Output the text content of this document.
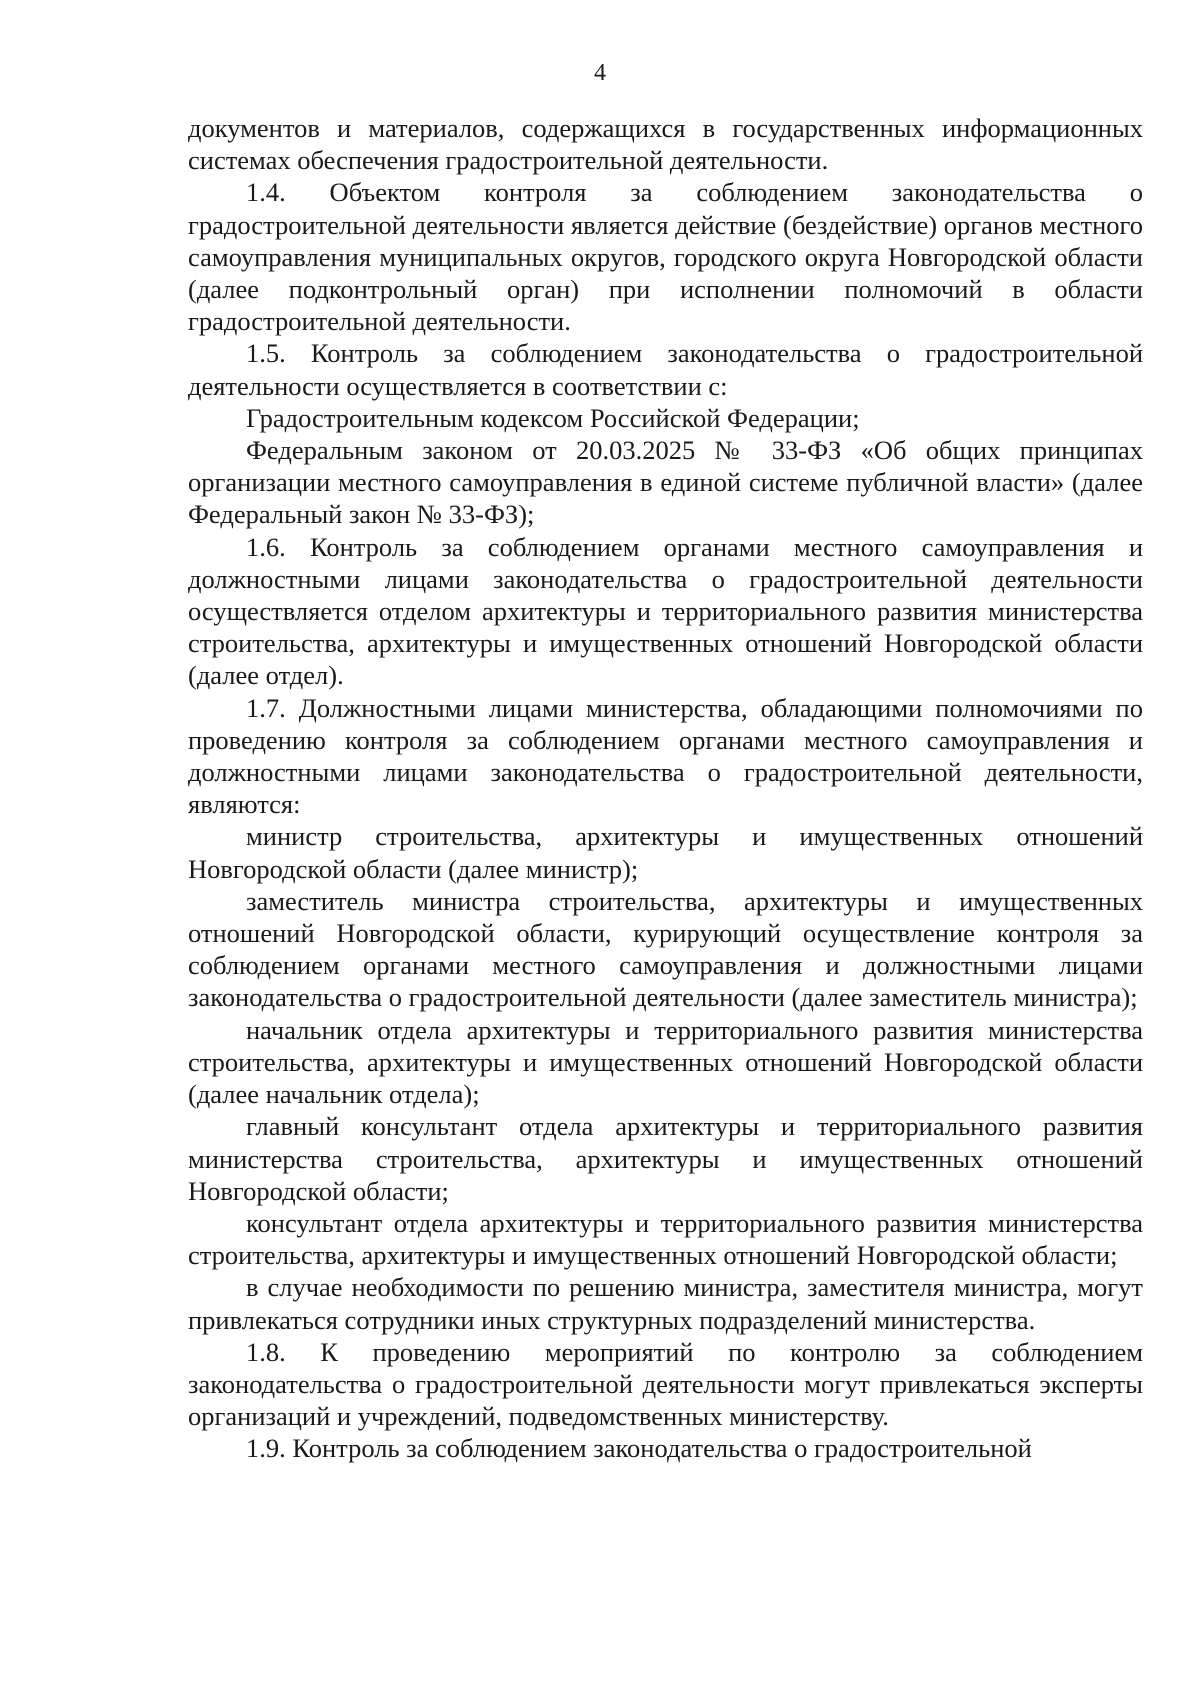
4

документов и материалов, содержащихся в государственных информационных системах обеспечения градостроительной деятельности.

1.4. Объектом контроля за соблюдением законодательства о градостроительной деятельности является действие (бездействие) органов местного самоуправления муниципальных округов, городского округа Новгородской области (далее подконтрольный орган) при исполнении полномочий в области градостроительной деятельности.

1.5. Контроль за соблюдением законодательства о градостроительной деятельности осуществляется в соответствии с:

Градостроительным кодексом Российской Федерации;

Федеральным законом от 20.03.2025 № 33-ФЗ «Об общих принципах организации местного самоуправления в единой системе публичной власти» (далее Федеральный закон № 33-ФЗ);

1.6. Контроль за соблюдением органами местного самоуправления и должностными лицами законодательства о градостроительной деятельности осуществляется отделом архитектуры и территориального развития министерства строительства, архитектуры и имущественных отношений Новгородской области (далее отдел).

1.7. Должностными лицами министерства, обладающими полномочиями по проведению контроля за соблюдением органами местного самоуправления и должностными лицами законодательства о градостроительной деятельности, являются:

министр строительства, архитектуры и имущественных отношений Новгородской области (далее министр);

заместитель министра строительства, архитектуры и имущественных отношений Новгородской области, курирующий осуществление контроля за соблюдением органами местного самоуправления и должностными лицами законодательства о градостроительной деятельности (далее заместитель министра);

начальник отдела архитектуры и территориального развития министерства строительства, архитектуры и имущественных отношений Новгородской области (далее начальник отдела);

главный консультант отдела архитектуры и территориального развития министерства строительства, архитектуры и имущественных отношений Новгородской области;

консультант отдела архитектуры и территориального развития министерства строительства, архитектуры и имущественных отношений Новгородской области;

в случае необходимости по решению министра, заместителя министра, могут привлекаться сотрудники иных структурных подразделений министерства.

1.8. К проведению мероприятий по контролю за соблюдением законодательства о градостроительной деятельности могут привлекаться эксперты организаций и учреждений, подведомственных министерству.

1.9. Контроль за соблюдением законодательства о градостроительной
